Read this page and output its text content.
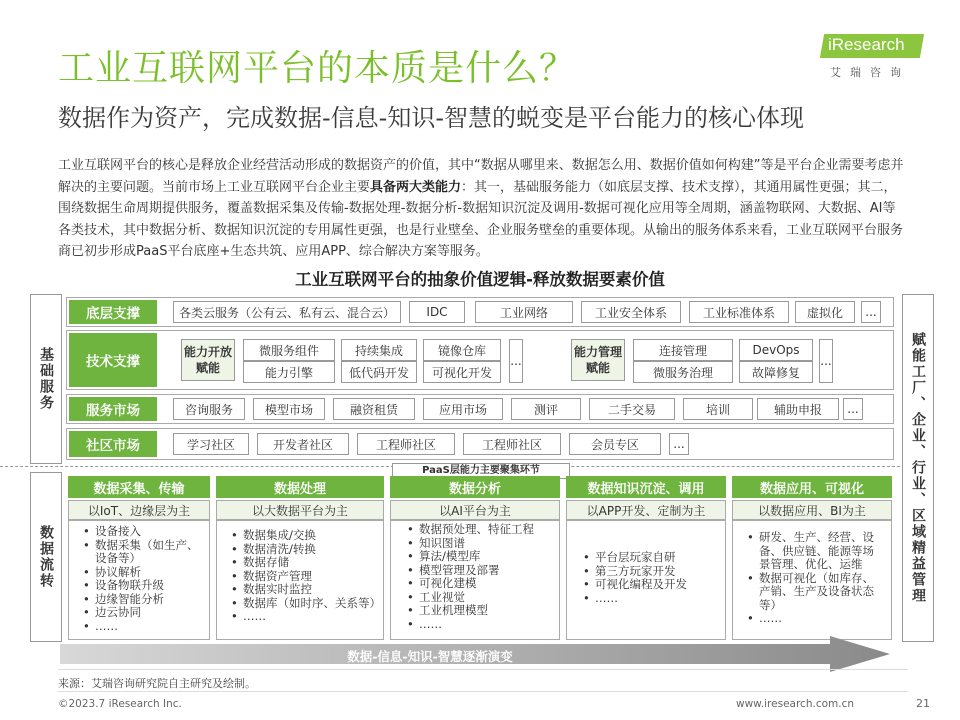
工业互联网平台的本质是什么？
数据作为资产，完成数据-信息-知识-智慧的蜕变是平台能力的核心体现
iResearch
艾瑞咨询
工业互联网平台的核心是释放企业经营活动形成的数据资产的价值，其中“数据从哪里来、数据怎么用、数据价值如何构建”等是平台企业需要考虑并解决的主要问题。当前市场上工业互联网平台企业主要具备两大类能力：其一，基础服务能力（如底层支撑、技术支撑），其通用属性更强；其二，围绕数据生命周期提供服务，覆盖数据采集及传输-数据处理-数据分析-数据知识沉淀及调用-数据可视化应用等全周期，涵盖物联网、大数据、AI等各类技术，其中数据分析、数据知识沉淀的专用属性更强，也是行业壁垒、企业服务壁垒的重要体现。从输出的服务体系来看，工业互联网平台服务商已初步形成PaaS平台底座+生态共筑、应用APP、综合解决方案等服务。
工业互联网平台的抽象价值逻辑-释放数据要素价值
基础服务
数据流转	赋能工厂、企业、行业、区域精益管理
底层支撑	各类云服务（公有云、私有云、混合云）	IDC	工业网络	工业安全体系	工业标准体系	虚拟化	...
技术支撑
能力开放赋能
微服务组件	持续集成	镜像仓库
能力引擎	低代码开发	可视化开发
...
能力管理赋能
连接管理	DevOps
微服务治理	故障修复
...
服务市场	咨询服务	模型市场	融资租赁	应用市场	测评	二手交易	培训	辅助申报	...
社区市场	学习社区	开发者社区	工程师社区	工程师社区	会员专区	...
PaaS层能力主要聚集环节
数据采集、传输
以IoT、边缘层为主
• 设备接入
• 数据采集（如生产、设备等）
• 协议解析
• 设备物联升级
• 边缘智能分析
• 边云协同
• ……
数据处理
以大数据平台为主
• 数据集成/交换
• 数据清洗/转换
• 数据存储
• 数据资产管理
• 数据实时监控
• 数据库（如时序、关系等）
• ……
数据分析
以AI平台为主
• 数据预处理、特征工程
• 知识图谱
• 算法/模型库
• 模型管理及部署
• 可视化建模
• 工业视觉
• 工业机理模型
• ……
数据知识沉淀、调用
以APP开发、定制为主
• 平台层玩家自研
• 第三方玩家开发
• 可视化编程及开发
• ……
数据应用、可视化
以数据应用、BI为主
• 研发、生产、经营、设备、供应链、能源等场景管理、优化、运维
• 数据可视化（如库存、产销、生产及设备状态等）
• ……
数据-信息-知识-智慧逐渐演变
来源：艾瑞咨询研究院自主研究及绘制。
©2023.7 iResearch Inc.	www.iresearch.com.cn	21
